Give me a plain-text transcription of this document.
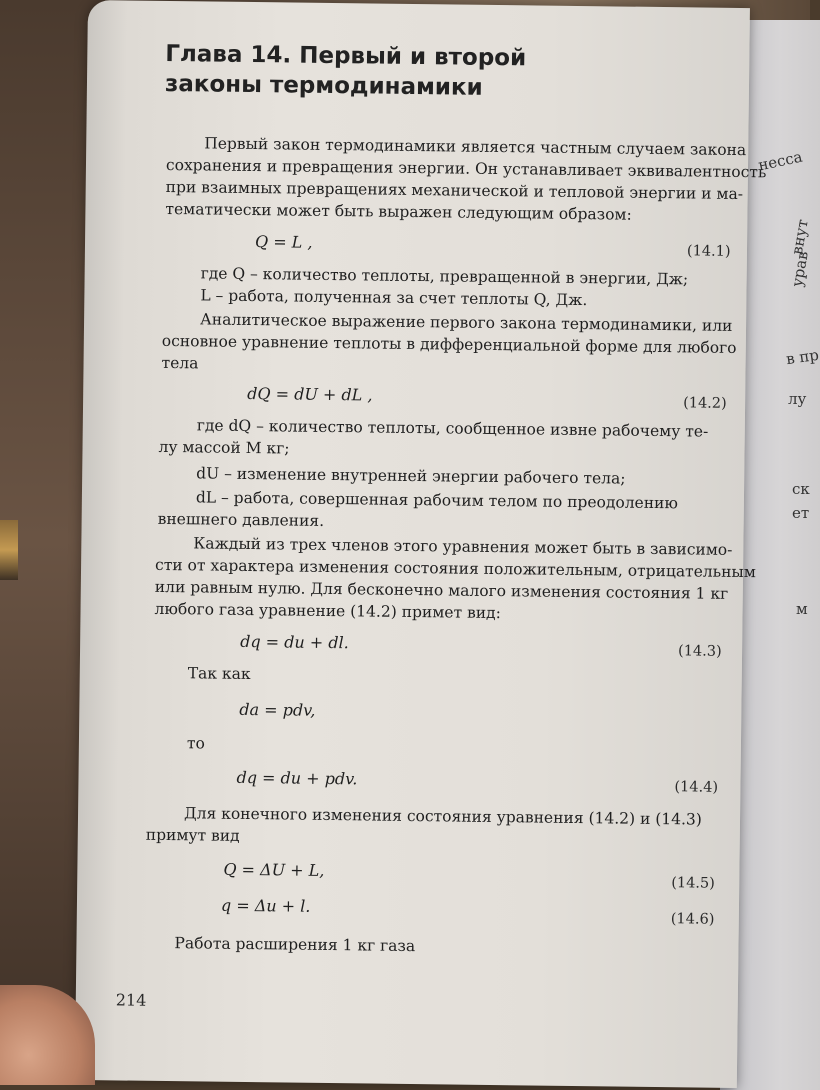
несса
внут
урав
в пр
лу
ск
ет
м
Глава 14. Первый и второй
законы термодинамики
Первый закон термодинамики является частным случаем закона
сохранения и превращения энергии. Он устанавливает эквивалентность
при взаимных превращениях механической и тепловой энергии и ма-
тематически может быть выражен следующим образом:
Q = L ,	(14.1)
где Q – количество теплоты, превращенной в энергии, Дж;
L – работа, полученная за счет теплоты Q, Дж.
Аналитическое выражение первого закона термодинамики, или
основное уравнение теплоты в дифференциальной форме для любого
тела
dQ = dU + dL ,	(14.2)
где dQ – количество теплоты, сообщенное извне рабочему те-
лу массой M кг;
dU – изменение внутренней энергии рабочего тела;
dL – работа, совершенная рабочим телом по преодолению
внешнего давления.
Каждый из трех членов этого уравнения может быть в зависимо-
сти от характера изменения состояния положительным, отрицательным
или равным нулю. Для бесконечно малого изменения состояния 1 кг
любого газа уравнение (14.2) примет вид:
dq = du + dl.	(14.3)
Так как
da = pdv,
то
dq = du + pdv.	(14.4)
Для конечного изменения состояния уравнения (14.2) и (14.3)
примут вид
Q = ΔU + L,
(14.5)
q = Δu + l.
(14.6)
Работа расширения 1 кг газа
214
